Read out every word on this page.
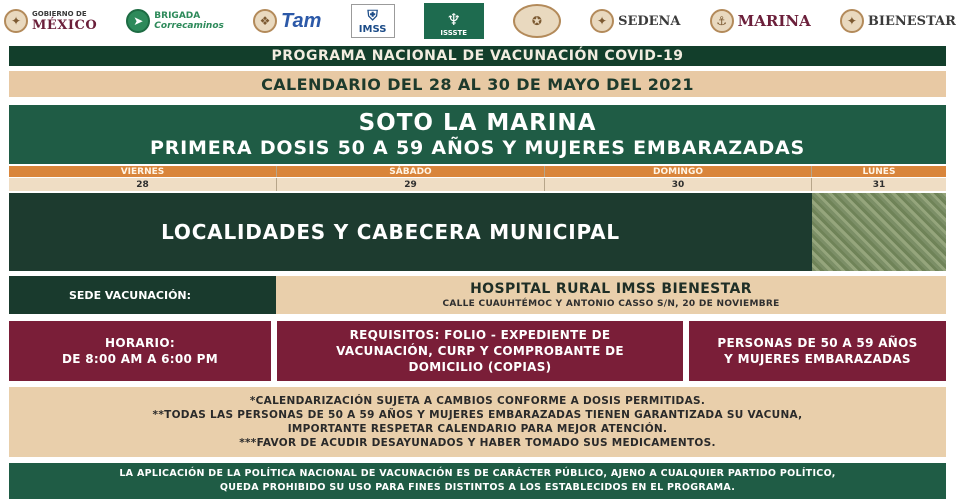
✦
GOBIERNO DE
MÉXICO	➤	BRIGADA
Correcaminos	❖ Tam	⛨
IMSS	♆
ISSSTE
✪	✦ SEDENA	⚓ MARINA	✦ BIENESTAR
PROGRAMA NACIONAL DE VACUNACIÓN COVID-19
CALENDARIO DEL 28 AL 30 DE MAYO DEL 2021
SOTO LA MARINA
PRIMERA DOSIS 50 A 59 AÑOS Y MUJERES EMBARAZADAS
VIERNES	SÁBADO	DOMINGO	LUNES
28	29	30	31
LOCALIDADES Y CABECERA MUNICIPAL
SEDE VACUNACIÓN:	HOSPITAL RURAL IMSS BIENESTAR
CALLE CUAUHTÉMOC Y ANTONIO CASSO S/N, 20 DE NOVIEMBRE
HORARIO:
DE 8:00 AM A 6:00 PM
REQUISITOS: FOLIO - EXPEDIENTE DE
VACUNACIÓN, CURP Y COMPROBANTE DE
DOMICILIO (COPIAS)
PERSONAS DE 50 A 59 AÑOS
Y MUJERES EMBARAZADAS
*CALENDARIZACIÓN SUJETA A CAMBIOS CONFORME A DOSIS PERMITIDAS.
**TODAS LAS PERSONAS DE 50 A 59 AÑOS Y MUJERES EMBARAZADAS TIENEN GARANTIZADA SU VACUNA,
IMPORTANTE RESPETAR CALENDARIO PARA MEJOR ATENCIÓN.
***FAVOR DE ACUDIR DESAYUNADOS Y HABER TOMADO SUS MEDICAMENTOS.
LA APLICACIÓN DE LA POLÍTICA NACIONAL DE VACUNACIÓN ES DE CARÁCTER PÚBLICO, AJENO A CUALQUIER PARTIDO POLÍTICO,
QUEDA PROHIBIDO SU USO PARA FINES DISTINTOS A LOS ESTABLECIDOS EN EL PROGRAMA.
